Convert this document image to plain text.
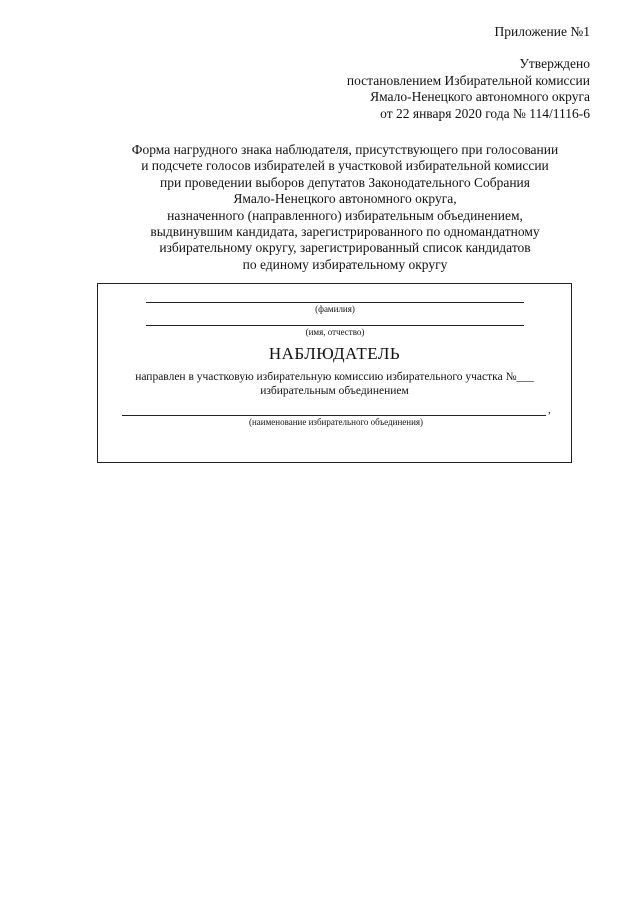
Приложение №1
Утверждено
постановлением Избирательной комиссии
Ямало-Ненецкого автономного округа
от 22 января 2020 года № 114/1116-6
Форма нагрудного знака наблюдателя, присутствующего при голосовании
и подсчете голосов избирателей в участковой избирательной комиссии
при проведении выборов депутатов Законодательного Собрания
Ямало-Ненецкого автономного округа,
назначенного (направленного) избирательным объединением,
выдвинувшим кандидата, зарегистрированного по одномандатному
избирательному округу, зарегистрированный список кандидатов
по единому избирательному округу
(фамилия)
(имя, отчество)
НАБЛЮДАТЕЛЬ
направлен в участковую избирательную комиссию избирательного участка №___
избирательным объединением
,
(наименование избирательного объединения)
